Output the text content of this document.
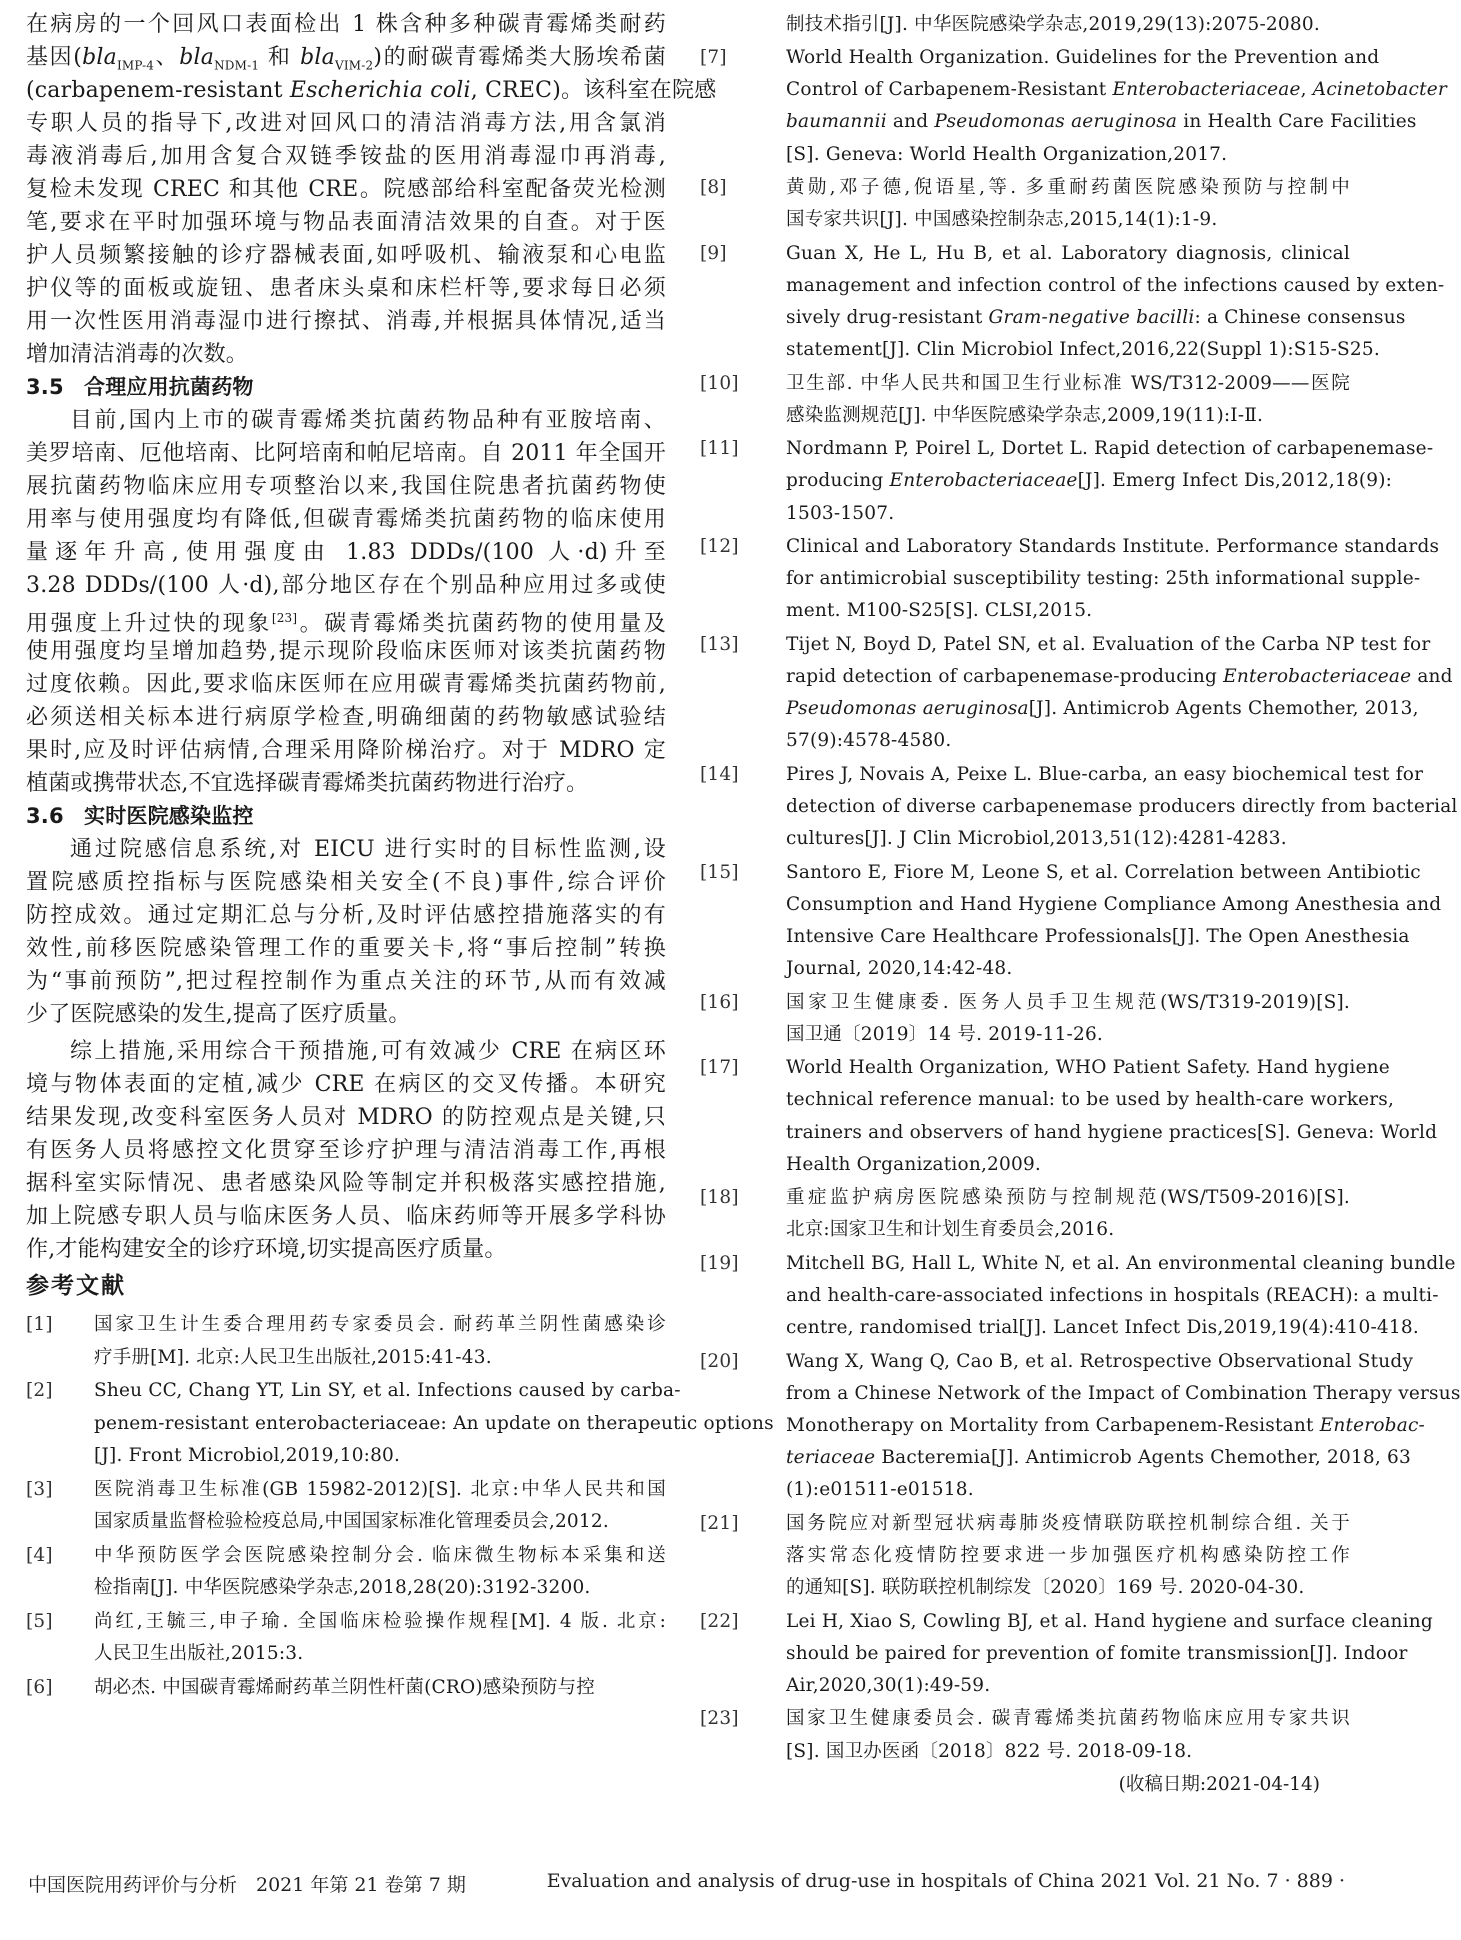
在病房的一个回风口表面检出 1 株含种多种碳青霉烯类耐药
基因(bla$_{IMP-4}$、bla$_{NDM-1}$ 和 bla$_{VIM-2}$)的耐碳青霉烯类大肠埃希菌
(carbapenem-resistant Escherichia coli, CREC)。该科室在院感
专职人员的指导下,改进对回风口的清洁消毒方法,用含氯消
毒液消毒后,加用含复合双链季铵盐的医用消毒湿巾再消毒,
复检未发现 CREC 和其他 CRE。院感部给科室配备荧光检测
笔,要求在平时加强环境与物品表面清洁效果的自查。对于医
护人员频繁接触的诊疗器械表面,如呼吸机、输液泵和心电监
护仪等的面板或旋钮、患者床头桌和床栏杆等,要求每日必须
用一次性医用消毒湿巾进行擦拭、消毒,并根据具体情况,适当
增加清洁消毒的次数。
3.5 合理应用抗菌药物
目前,国内上市的碳青霉烯类抗菌药物品种有亚胺培南、
美罗培南、厄他培南、比阿培南和帕尼培南。自 2011 年全国开
展抗菌药物临床应用专项整治以来,我国住院患者抗菌药物使
用率与使用强度均有降低,但碳青霉烯类抗菌药物的临床使用
量逐年升高,使用强度由 1.83 DDDs/(100 人·d)升至
3.28 DDDs/(100 人·d),部分地区存在个别品种应用过多或使
用强度上升过快的现象[23]。碳青霉烯类抗菌药物的使用量及
使用强度均呈增加趋势,提示现阶段临床医师对该类抗菌药物
过度依赖。因此,要求临床医师在应用碳青霉烯类抗菌药物前,
必须送相关标本进行病原学检查,明确细菌的药物敏感试验结
果时,应及时评估病情,合理采用降阶梯治疗。对于 MDRO 定
植菌或携带状态,不宜选择碳青霉烯类抗菌药物进行治疗。
3.6 实时医院感染监控
通过院感信息系统,对 EICU 进行实时的目标性监测,设
置院感质控指标与医院感染相关安全(不良)事件,综合评价
防控成效。通过定期汇总与分析,及时评估感控措施落实的有
效性,前移医院感染管理工作的重要关卡,将“事后控制”转换
为“事前预防”,把过程控制作为重点关注的环节,从而有效减
少了医院感染的发生,提高了医疗质量。
综上措施,采用综合干预措施,可有效减少 CRE 在病区环
境与物体表面的定植,减少 CRE 在病区的交叉传播。本研究
结果发现,改变科室医务人员对 MDRO 的防控观点是关键,只
有医务人员将感控文化贯穿至诊疗护理与清洁消毒工作,再根
据科室实际情况、患者感染风险等制定并积极落实感控措施,
加上院感专职人员与临床医务人员、临床药师等开展多学科协
作,才能构建安全的诊疗环境,切实提高医疗质量。
参考文献
[1]	国家卫生计生委合理用药专家委员会. 耐药革兰阴性菌感染诊
疗手册[M]. 北京:人民卫生出版社,2015:41-43.
[2]	Sheu CC, Chang YT, Lin SY, et al. Infections caused by carba-
penem-resistant enterobacteriaceae: An update on therapeutic options
[J]. Front Microbiol,2019,10:80.
[3]	医院消毒卫生标准(GB 15982-2012)[S]. 北京:中华人民共和国
国家质量监督检验检疫总局,中国国家标准化管理委员会,2012.
[4]	中华预防医学会医院感染控制分会. 临床微生物标本采集和送
检指南[J]. 中华医院感染学杂志,2018,28(20):3192-3200.
[5]	尚红,王毓三,申子瑜. 全国临床检验操作规程[M]. 4 版. 北京:
人民卫生出版社,2015:3.
[6]	胡必杰. 中国碳青霉烯耐药革兰阴性杆菌(CRO)感染预防与控
制技术指引[J]. 中华医院感染学杂志,2019,29(13):2075-2080.
[7]	World Health Organization. Guidelines for the Prevention and
Control of Carbapenem-Resistant Enterobacteriaceae, Acinetobacter
baumannii and Pseudomonas aeruginosa in Health Care Facilities
[S]. Geneva: World Health Organization,2017.
[8]	黄勋,邓子德,倪语星,等. 多重耐药菌医院感染预防与控制中
国专家共识[J]. 中国感染控制杂志,2015,14(1):1-9.
[9]	Guan X, He L, Hu B, et al. Laboratory diagnosis, clinical
management and infection control of the infections caused by exten-
sively drug-resistant Gram-negative bacilli: a Chinese consensus
statement[J]. Clin Microbiol Infect,2016,22(Suppl 1):S15-S25.
[10]	卫生部. 中华人民共和国卫生行业标准 WS/T312-2009——医院
感染监测规范[J]. 中华医院感染学杂志,2009,19(11):Ⅰ-Ⅱ.
[11]	Nordmann P, Poirel L, Dortet L. Rapid detection of carbapenemase-
producing Enterobacteriaceae[J]. Emerg Infect Dis,2012,18(9):
1503-1507.
[12]	Clinical and Laboratory Standards Institute. Performance standards
for antimicrobial susceptibility testing: 25th informational supple-
ment. M100-S25[S]. CLSI,2015.
[13]	Tijet N, Boyd D, Patel SN, et al. Evaluation of the Carba NP test for
rapid detection of carbapenemase-producing Enterobacteriaceae and
Pseudomonas aeruginosa[J]. Antimicrob Agents Chemother, 2013,
57(9):4578-4580.
[14]	Pires J, Novais A, Peixe L. Blue-carba, an easy biochemical test for
detection of diverse carbapenemase producers directly from bacterial
cultures[J]. J Clin Microbiol,2013,51(12):4281-4283.
[15]	Santoro E, Fiore M, Leone S, et al. Correlation between Antibiotic
Consumption and Hand Hygiene Compliance Among Anesthesia and
Intensive Care Healthcare Professionals[J]. The Open Anesthesia
Journal, 2020,14:42-48.
[16]	国家卫生健康委. 医务人员手卫生规范(WS/T319-2019)[S].
国卫通〔2019〕14 号. 2019-11-26.
[17]	World Health Organization, WHO Patient Safety. Hand hygiene
technical reference manual: to be used by health-care workers,
trainers and observers of hand hygiene practices[S]. Geneva: World
Health Organization,2009.
[18]	重症监护病房医院感染预防与控制规范(WS/T509-2016)[S].
北京:国家卫生和计划生育委员会,2016.
[19]	Mitchell BG, Hall L, White N, et al. An environmental cleaning bundle
and health-care-associated infections in hospitals (REACH): a multi-
centre, randomised trial[J]. Lancet Infect Dis,2019,19(4):410-418.
[20]	Wang X, Wang Q, Cao B, et al. Retrospective Observational Study
from a Chinese Network of the Impact of Combination Therapy versus
Monotherapy on Mortality from Carbapenem-Resistant Enterobac-
teriaceae Bacteremia[J]. Antimicrob Agents Chemother, 2018, 63
(1):e01511-e01518.
[21]	国务院应对新型冠状病毒肺炎疫情联防联控机制综合组. 关于
落实常态化疫情防控要求进一步加强医疗机构感染防控工作
的通知[S]. 联防联控机制综发〔2020〕169 号. 2020-04-30.
[22]	Lei H, Xiao S, Cowling BJ, et al. Hand hygiene and surface cleaning
should be paired for prevention of fomite transmission[J]. Indoor
Air,2020,30(1):49-59.
[23]	国家卫生健康委员会. 碳青霉烯类抗菌药物临床应用专家共识
[S]. 国卫办医函〔2018〕822 号. 2018-09-18.
(收稿日期:2021-04-14)
中国医院用药评价与分析　2021 年第 21 卷第 7 期	Evaluation and analysis of drug-use in hospitals of China 2021 Vol. 21 No. 7 · 889 ·
